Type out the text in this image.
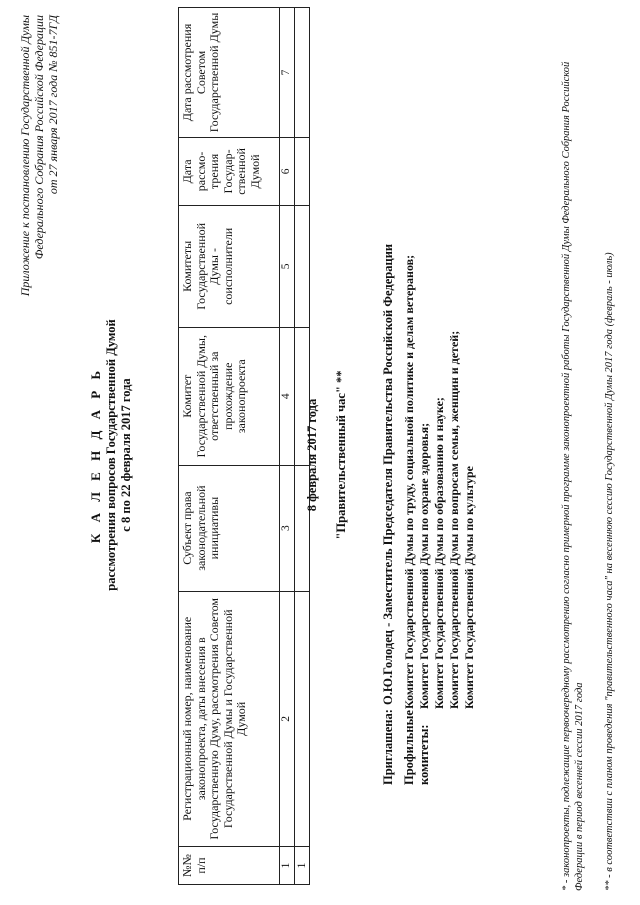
Приложение к постановлению Государственной Думы Федерального Собрания Российской Федерации от 27 января 2017 года № 851-7ГД
К А Л Е Н Д А Р Ь рассмотрения вопросов Государственной Думой с 8 по 22 февраля 2017 года
№№ п/п	Регистрационный номер, наименование законопроекта, даты внесения в Государственную Думу, рассмотрения Советом Государственной Думы и Государственной Думой	Субъект права законодательной инициативы	Комитет Государственной Думы, ответственный за прохождение законопроекта	Комитеты Государственной Думы - соисполнители	Дата рассмо-трения Государ-ственной Думой	Дата рассмотрения Советом Государственной Думы
1	2	3	4	5	6	7
1						
8 февраля 2017 года "Правительственный час" **
Приглашена:
О.Ю.Голодец - Заместитель Председателя Правительства Российской Федерации
Профильные комитеты:
Комитет Государственной Думы по труду, социальной политике и делам ветеранов; Комитет Государственной Думы по охране здоровья; Комитет Государственной Думы по образованию и науке; Комитет Государственной Думы по вопросам семьи, женщин и детей; Комитет Государственной Думы по культуре	* - законопроекты, подлежащие первоочередному рассмотрению согласно примерной программе законопроектной работы Государственной Думы Федерального Собрания Российской Федерации в период весенней сессии 2017 года ** - в соответствии с планом проведения "правительственного часа" на весеннюю сессию Государственной Думы 2017 года (февраль - июль)
